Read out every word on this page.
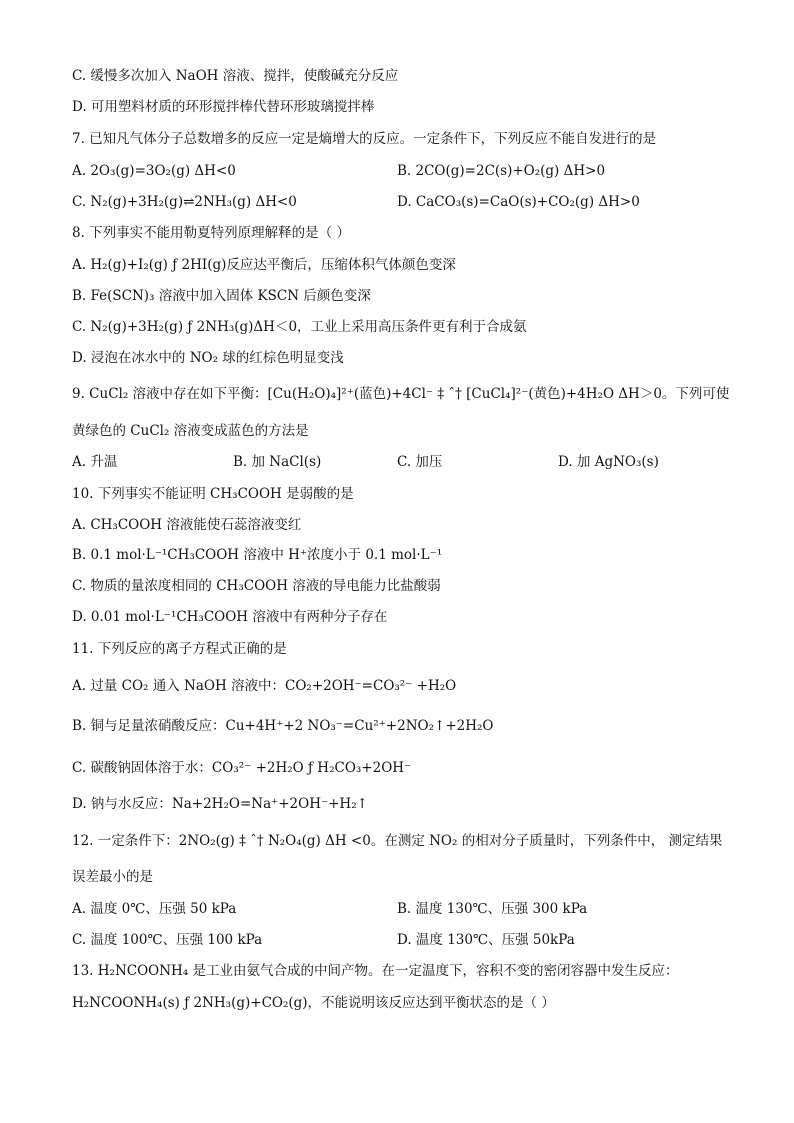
C. 缓慢多次加入 NaOH 溶液、搅拌，使酸碱充分反应
D. 可用塑料材质的环形搅拌棒代替环形玻璃搅拌棒
7. 已知凡气体分子总数增多的反应一定是熵增大的反应。一定条件下，下列反应不能自发进行的是
A. 2O₃(g)=3O₂(g) ΔH<0	B. 2CO(g)=2C(s)+O₂(g) ΔH>0
C. N₂(g)+3H₂(g)⇌2NH₃(g) ΔH<0	D. CaCO₃(s)=CaO(s)+CO₂(g) ΔH>0
8. 下列事实不能用勒夏特列原理解释的是（ ）
A. H₂(g)+I₂(g) ƒ 2HI(g)反应达平衡后，压缩体积气体颜色变深
B. Fe(SCN)₃ 溶液中加入固体 KSCN 后颜色变深
C. N₂(g)+3H₂(g) ƒ 2NH₃(g)ΔH＜0，工业上采用高压条件更有利于合成氨
D. 浸泡在冰水中的 NO₂ 球的红棕色明显变浅
9. CuCl₂ 溶液中存在如下平衡：[Cu(H₂O)₄]²⁺(蓝色)+4Cl⁻ ‡ ˆ† [CuCl₄]²⁻(黄色)+4H₂O ΔH＞0。下列可使
黄绿色的 CuCl₂ 溶液变成蓝色的方法是
A. 升温	B. 加 NaCl(s)	C. 加压	D. 加 AgNO₃(s)
10. 下列事实不能证明 CH₃COOH 是弱酸的是
A. CH₃COOH 溶液能使石蕊溶液变红
B. 0.1 mol·L⁻¹CH₃COOH 溶液中 H⁺浓度小于 0.1 mol·L⁻¹
C. 物质的量浓度相同的 CH₃COOH 溶液的导电能力比盐酸弱
D. 0.01 mol·L⁻¹CH₃COOH 溶液中有两种分子存在
11. 下列反应的离子方程式正确的是
A. 过量 CO₂ 通入 NaOH 溶液中：CO₂+2OH⁻=CO₃²⁻ +H₂O
B. 铜与足量浓硝酸反应：Cu+4H⁺+2 NO₃⁻=Cu²⁺+2NO₂↑+2H₂O
C. 碳酸钠固体溶于水：CO₃²⁻ +2H₂O ƒ H₂CO₃+2OH⁻
D. 钠与水反应：Na+2H₂O=Na⁺+2OH⁻+H₂↑
12. 一定条件下：2NO₂(g) ‡ ˆ† N₂O₄(g) ΔH <0。在测定 NO₂ 的相对分子质量时，下列条件中， 测定结果
误差最小的是
A. 温度 0℃、压强 50 kPa	B. 温度 130℃、压强 300 kPa
C. 温度 100℃、压强 100 kPa	D. 温度 130℃、压强 50kPa
13. H₂NCOONH₄ 是工业由氨气合成的中间产物。在一定温度下，容积不变的密闭容器中发生反应：
H₂NCOONH₄(s) ƒ 2NH₃(g)+CO₂(g)，不能说明该反应达到平衡状态的是（ ）
